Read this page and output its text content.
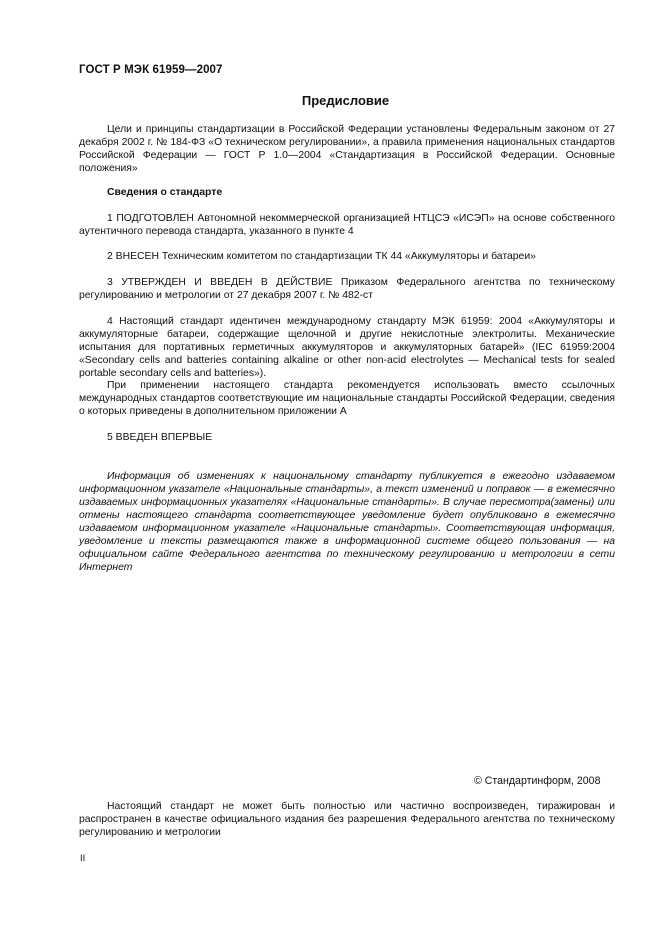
ГОСТ Р МЭК 61959—2007
Предисловие
Цели и принципы стандартизации в Российской Федерации установлены Федеральным законом от 27 декабря 2002 г. № 184-ФЗ «О техническом регулировании», а правила применения национальных стандартов Российской Федерации — ГОСТ Р 1.0—2004 «Стандартизация в Российской Федерации. Основные положения»
Сведения о стандарте
1 ПОДГОТОВЛЕН Автономной некоммерческой организацией НТЦСЭ «ИСЭП» на основе собственного аутентичного перевода стандарта, указанного в пункте 4
2 ВНЕСЕН Техническим комитетом по стандартизации ТК 44 «Аккумуляторы и батареи»
3 УТВЕРЖДЕН И ВВЕДЕН В ДЕЙСТВИЕ Приказом Федерального агентства по техническому регулированию и метрологии от 27 декабря 2007 г. № 482-ст
4 Настоящий стандарт идентичен международному стандарту МЭК 61959: 2004 «Аккумуляторы и аккумуляторные батареи, содержащие щелочной и другие некислотные электролиты. Механические испытания для портативных герметичных аккумуляторов и аккумуляторных батарей» (IEC 61959:2004 «Secondary cells and batteries containing alkaline or other non-acid electrolytes — Mechanical tests for sealed portable secondary cells and batteries»).
При применении настоящего стандарта рекомендуется использовать вместо ссылочных международных стандартов соответствующие им национальные стандарты Российской Федерации, сведения о которых приведены в дополнительном приложении А
5 ВВЕДЕН ВПЕРВЫЕ
Информация об изменениях к национальному стандарту публикуется в ежегодно издаваемом информационном указателе «Национальные стандарты», а текст изменений и поправок — в ежемесячно издаваемых информационных указателях «Национальные стандарты». В случае пересмотра(замены) или отмены настоящего стандарта соответствующее уведомление будет опубликовано в ежемесячно издаваемом информационном указателе «Национальные стандарты». Соответствующая информация, уведомление и тексты размещаются также в информационной системе общего пользования — на официальном сайте Федерального агентства по техническому регулированию и метрологии в сети Интернет
© Стандартинформ, 2008
Настоящий стандарт не может быть полностью или частично воспроизведен, тиражирован и распространен в качестве официального издания без разрешения Федерального агентства по техническому регулированию и метрологии
II
